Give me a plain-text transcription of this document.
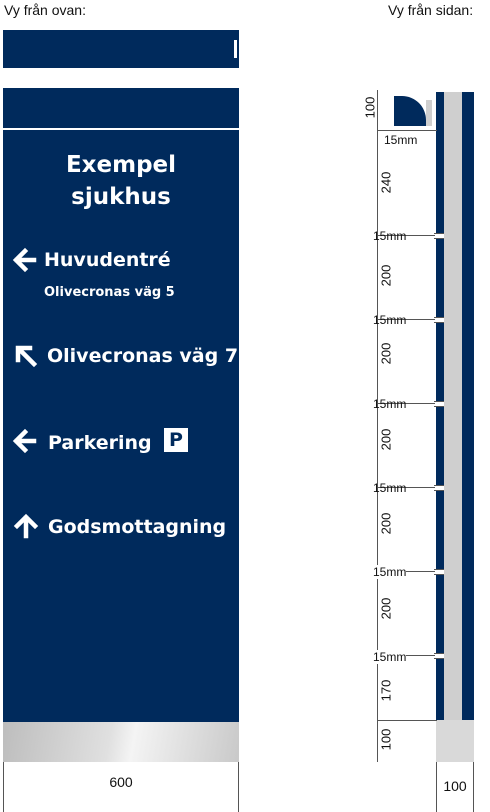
Vy från ovan:	Vy från sidan:
Exempel
sjukhus
Huvudentré
Olivecronas väg 5
Olivecronas väg 7
Parkering P
Godsmottagning
600	100
15mm
15mm
15mm
15mm
15mm
15mm
15mm
100
240
200
200
200
200
200
170
100
